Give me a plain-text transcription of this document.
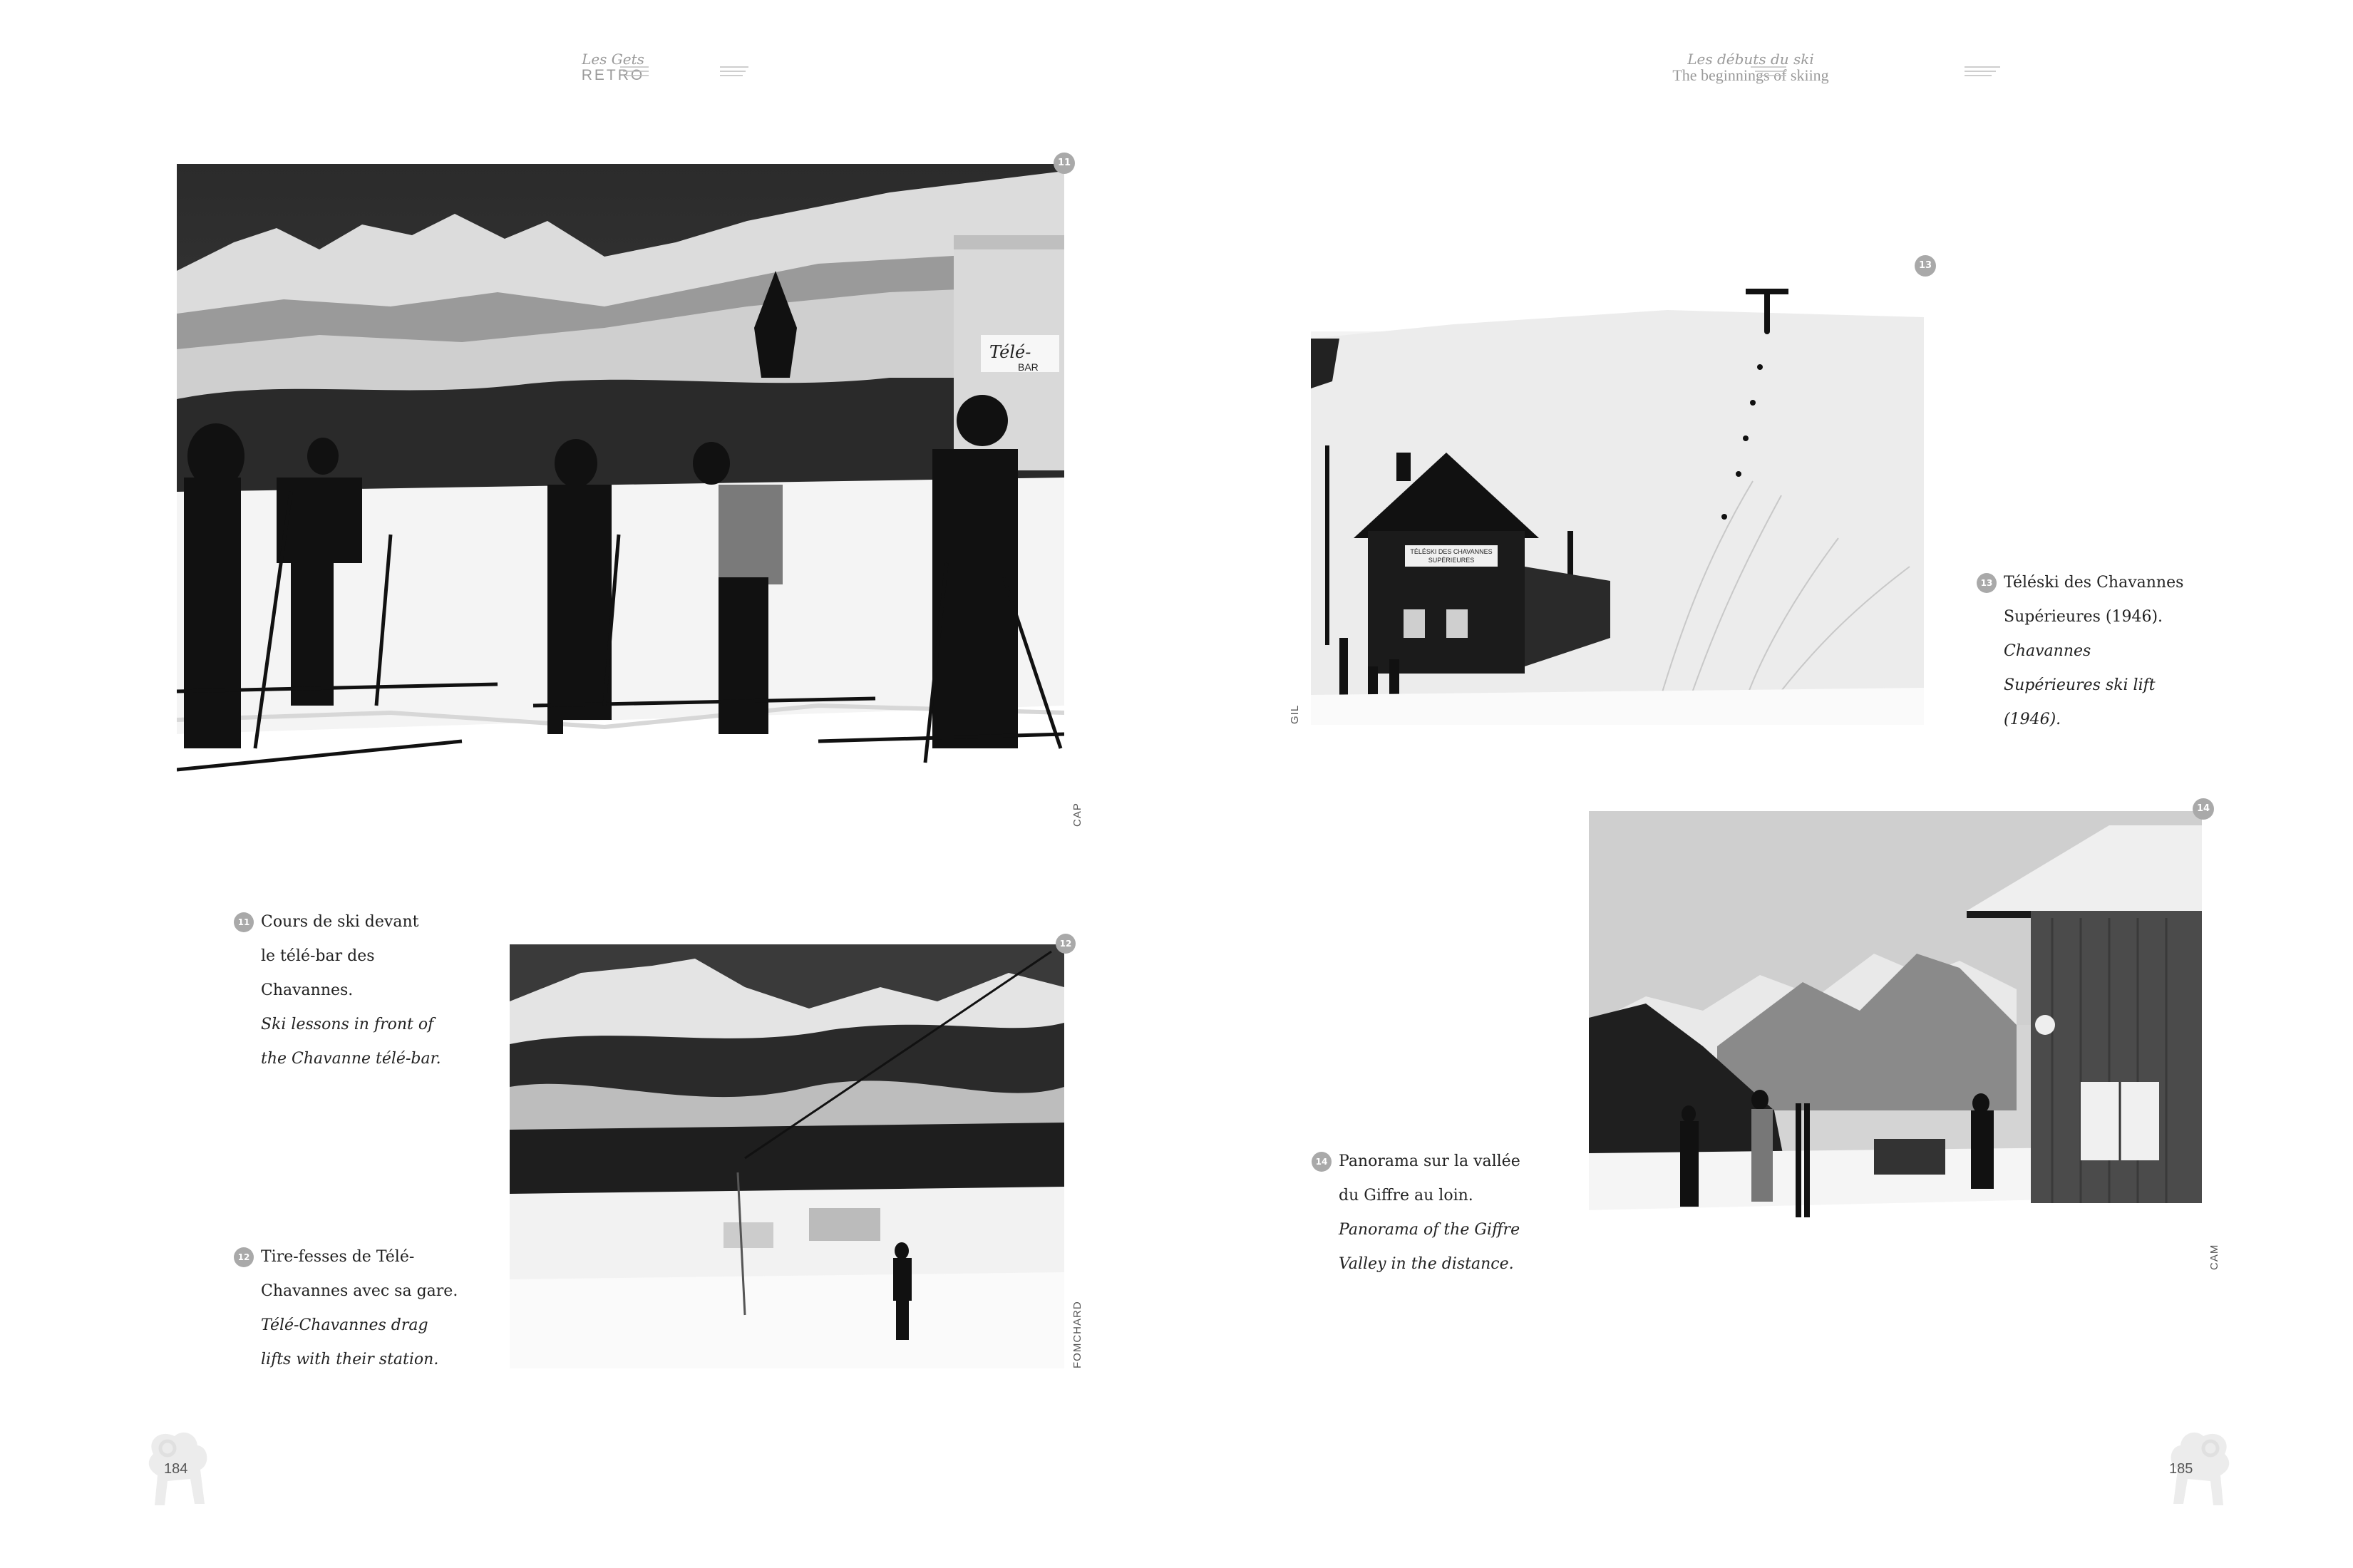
Les Gets
RETRO
Télé-
BAR
11
CAP
12
FOMCHARD
11 Cours de ski devant
le télé-bar des
Chavannes.
Ski lessons in front of
the Chavanne télé-bar.
12 Tire-fesses de Télé-
Chavannes avec sa gare.
Télé-Chavannes drag
lifts with their station.
184
Les débuts du ski
The beginnings of skiing
TÉLÉSKI DES CHAVANNES
SUPÉRIEURES
13
GIL
14
CAM
13 Téléski des Chavannes
Supérieures (1946).
Chavannes
Supérieures ski lift
(1946).
14 Panorama sur la vallée
du Giffre au loin.
Panorama of the Giffre
Valley in the distance.
185
